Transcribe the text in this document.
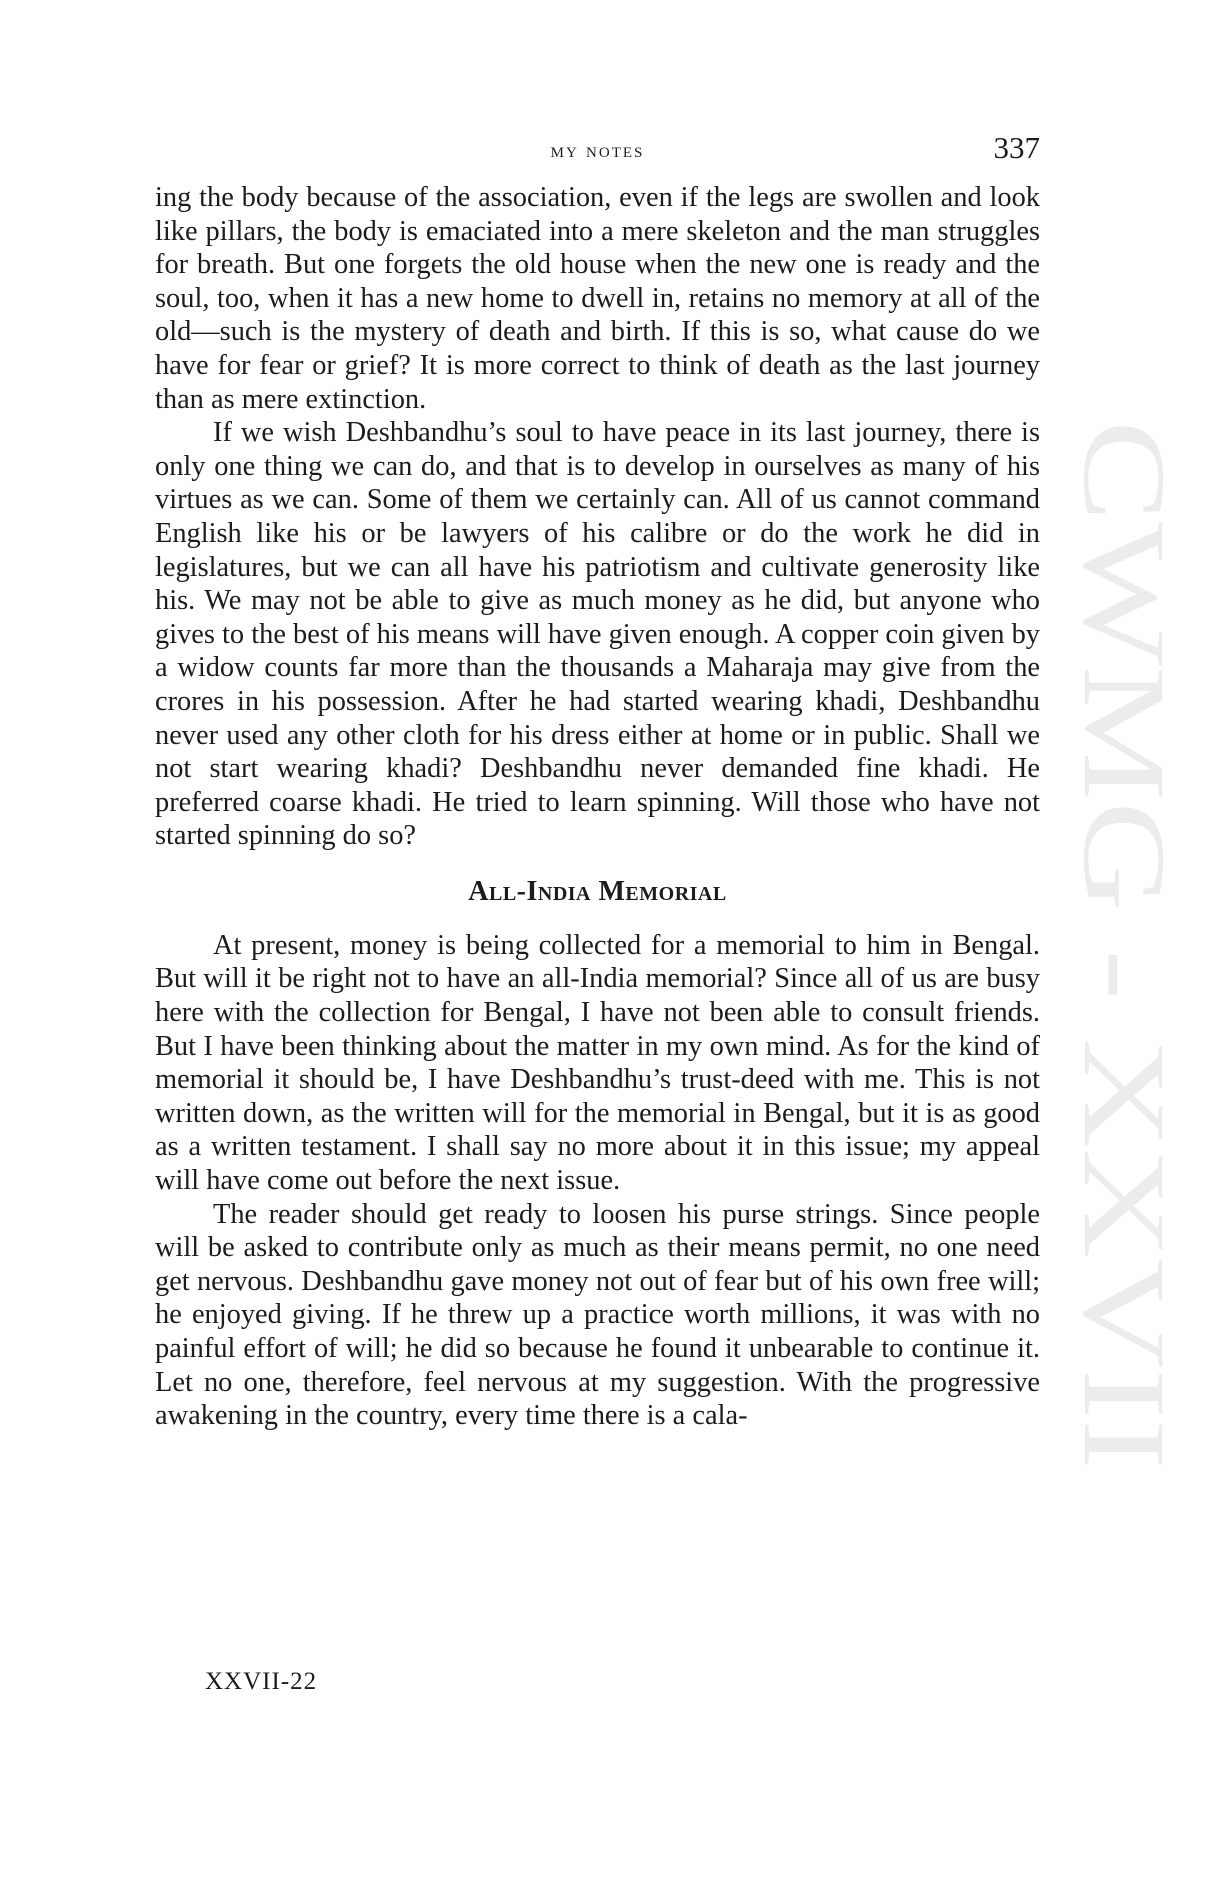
CWMG - XXVII
my notes	337

ing the body because of the association, even if the legs are swollen and look like pillars, the body is emaciated into a mere skeleton and the man struggles for breath. But one forgets the old house when the new one is ready and the soul, too, when it has a new home to dwell in, retains no memory at all of the old—such is the mystery of death and birth. If this is so, what cause do we have for fear or grief? It is more correct to think of death as the last journey than as mere extinction.

If we wish Deshbandhu’s soul to have peace in its last journey, there is only one thing we can do, and that is to develop in ourselves as many of his virtues as we can. Some of them we certainly can. All of us cannot command English like his or be lawyers of his calibre or do the work he did in legislatures, but we can all have his patriotism and cultivate generosity like his. We may not be able to give as much money as he did, but anyone who gives to the best of his means will have given enough. A copper coin given by a widow counts far more than the thousands a Maharaja may give from the crores in his possession. After he had started wearing khadi, Deshbandhu never used any other cloth for his dress either at home or in public. Shall we not start wearing khadi? Deshbandhu never demanded fine khadi. He preferred coarse khadi. He tried to learn spinning. Will those who have not started spinning do so?

All-India Memorial

At present, money is being collected for a memorial to him in Bengal. But will it be right not to have an all-India memorial? Since all of us are busy here with the collection for Bengal, I have not been able to consult friends. But I have been thinking about the matter in my own mind. As for the kind of memorial it should be, I have Deshbandhu’s trust-deed with me. This is not written down, as the written will for the memorial in Bengal, but it is as good as a written testament. I shall say no more about it in this issue; my appeal will have come out before the next issue.

The reader should get ready to loosen his purse strings. Since people will be asked to contribute only as much as their means permit, no one need get nervous. Deshbandhu gave money not out of fear but of his own free will; he enjoyed giving. If he threw up a practice worth millions, it was with no painful effort of will; he did so because he found it unbearable to continue it. Let no one, therefore, feel nervous at my suggestion. With the progressive awakening in the country, every time there is a cala-

XXVII-22
